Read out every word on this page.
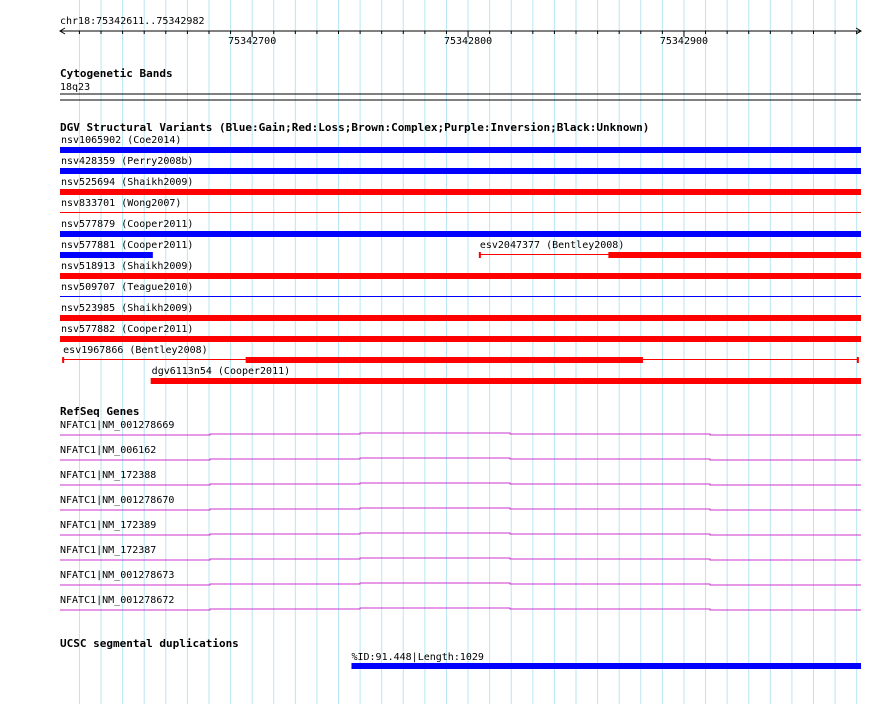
chr18:75342611..75342982
75342700	75342800	75342900
Cytogenetic Bands
18q23
DGV Structural Variants (Blue:Gain;Red:Loss;Brown:Complex;Purple:Inversion;Black:Unknown)
nsv1065902 (Coe2014)
nsv428359 (Perry2008b)
nsv525694 (Shaikh2009)
nsv833701 (Wong2007)
nsv577879 (Cooper2011)
nsv577881 (Cooper2011)	esv2047377 (Bentley2008)
nsv518913 (Shaikh2009)
nsv509707 (Teague2010)
nsv523985 (Shaikh2009)
nsv577882 (Cooper2011)
esv1967866 (Bentley2008)
dgv6113n54 (Cooper2011)
RefSeq Genes
NFATC1|NM_001278669
NFATC1|NM_006162
NFATC1|NM_172388
NFATC1|NM_001278670
NFATC1|NM_172389
NFATC1|NM_172387
NFATC1|NM_001278673
NFATC1|NM_001278672
UCSC segmental duplications
%ID:91.448|Length:1029
